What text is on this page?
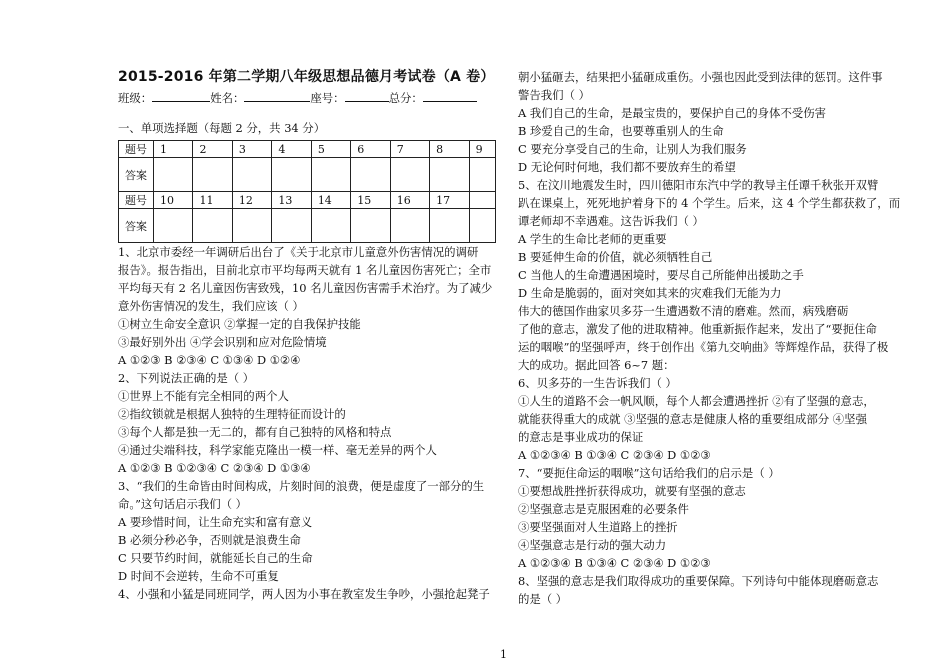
2015-2016 年第二学期八年级思想品德月考试卷（A 卷）
班级：	姓名：	座号：	总分：
一、单项选择题（每题 2 分，共 34 分）
题号	1	2	3	4	5	6	7	8	9
答案									
题号	10	11	12	13	14	15	16	17	
答案									
1、北京市委经一年调研后出台了《关于北京市儿童意外伤害情况的调研
报告》。报告指出，目前北京市平均每两天就有 1 名儿童因伤害死亡；全市
平均每天有 2 名儿童因伤害致残，10 名儿童因伤害需手术治疗。为了减少
意外伤害情况的发生，我们应该（ ）
①树立生命安全意识 ②掌握一定的自我保护技能
③最好别外出 ④学会识别和应对危险情境
A ①②③ B ②③④ C ①③④ D ①②④
2、下列说法正确的是（ ）
①世界上不能有完全相同的两个人
②指纹锁就是根据人独特的生理特征而设计的
③每个人都是独一无二的，都有自己独特的风格和特点
④通过尖端科技，科学家能克隆出一模一样、毫无差异的两个人
A ①②③ B ①②③④ C ②③④ D ①③④
3、“我们的生命皆由时间构成，片刻时间的浪费，便是虚度了一部分的生
命。”这句话启示我们（ ）
A 要珍惜时间，让生命充实和富有意义
B 必须分秒必争，否则就是浪费生命
C 只要节约时间，就能延长自己的生命
D 时间不会逆转，生命不可重复
4、小强和小猛是同班同学，两人因为小事在教室发生争吵，小强抢起凳子
朝小猛砸去，结果把小猛砸成重伤。小强也因此受到法律的惩罚。这件事
警告我们（ ）
A 我们自己的生命，是最宝贵的，要保护自己的身体不受伤害
B 珍爱自己的生命，也要尊重别人的生命
C 要充分享受自己的生命，让别人为我们服务
D 无论何时何地，我们都不要放弃生的希望
5、在汶川地震发生时，四川德阳市东汽中学的教导主任谭千秋张开双臂
趴在课桌上，死死地护着身下的 4 个学生。后来，这 4 个学生都获救了，而
谭老师却不幸遇难。这告诉我们（ ）
A 学生的生命比老师的更重要
B 要延伸生命的价值，就必须牺牲自己
C 当他人的生命遭遇困境时，要尽自己所能伸出援助之手
D 生命是脆弱的，面对突如其来的灾难我们无能为力
伟大的德国作曲家贝多芬一生遭遇数不清的磨难。然而，病残磨砺
了他的意志，激发了他的进取精神。他重新振作起来，发出了“要扼住命
运的咽喉”的坚强呼声，终于创作出《第九交响曲》等辉煌作品，获得了极
大的成功。据此回答 6~7 题：
6、贝多芬的一生告诉我们（ ）
①人生的道路不会一帆风顺，每个人都会遭遇挫折 ②有了坚强的意志，
就能获得重大的成就 ③坚强的意志是健康人格的重要组成部分 ④坚强
的意志是事业成功的保证
A ①②③④ B ①③④ C ②③④ D ①②③
7、“要扼住命运的咽喉”这句话给我们的启示是（ ）
①要想战胜挫折获得成功，就要有坚强的意志
②坚强意志是克服困难的必要条件
③要坚强面对人生道路上的挫折
④坚强意志是行动的强大动力
A ①②③④ B ①③④ C ②③④ D ①②③
8、坚强的意志是我们取得成功的重要保障。下列诗句中能体现磨砺意志
的是（ ）
1
